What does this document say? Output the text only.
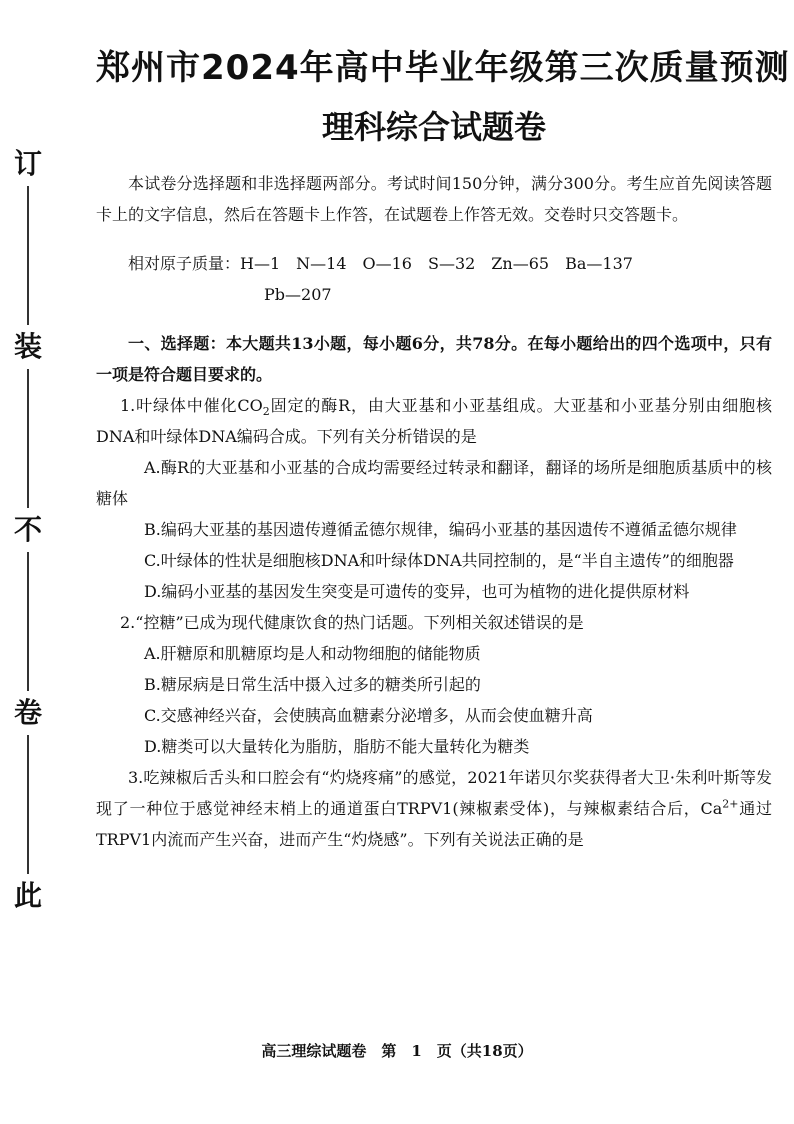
订
装
不
卷
此
郑州市2024年高中毕业年级第三次质量预测
理科综合试题卷

本试卷分选择题和非选择题两部分。考试时间150分钟，满分300分。考生应首先阅读答题卡上的文字信息，然后在答题卡上作答，在试题卷上作答无效。交卷时只交答题卡。

相对原子质量：H—1　N—14　O—16　S—32　Zn—65　Ba—137

Pb—207

一、选择题：本大题共13小题，每小题6分，共78分。在每小题给出的四个选项中，只有一项是符合题目要求的。

1.叶绿体中催化$CO_2$固定的酶R，由大亚基和小亚基组成。大亚基和小亚基分别由细胞核DNA和叶绿体DNA编码合成。下列有关分析错误的是

A.酶R的大亚基和小亚基的合成均需要经过转录和翻译，翻译的场所是细胞质基质中的核糖体

B.编码大亚基的基因遗传遵循孟德尔规律，编码小亚基的基因遗传不遵循孟德尔规律

C.叶绿体的性状是细胞核DNA和叶绿体DNA共同控制的，是“半自主遗传”的细胞器

D.编码小亚基的基因发生突变是可遗传的变异，也可为植物的进化提供原材料

2.“控糖”已成为现代健康饮食的热门话题。下列相关叙述错误的是

A.肝糖原和肌糖原均是人和动物细胞的储能物质

B.糖尿病是日常生活中摄入过多的糖类所引起的

C.交感神经兴奋，会使胰高血糖素分泌增多，从而会使血糖升高

D.糖类可以大量转化为脂肪，脂肪不能大量转化为糖类

3.吃辣椒后舌头和口腔会有“灼烧疼痛”的感觉，2021年诺贝尔奖获得者大卫·朱利叶斯等发现了一种位于感觉神经末梢上的通道蛋白TRPV1(辣椒素受体)，与辣椒素结合后，$Ca^{2+}$通过TRPV1内流而产生兴奋，进而产生“灼烧感”。下列有关说法正确的是

高三理综试题卷　第　1　页（共18页）
